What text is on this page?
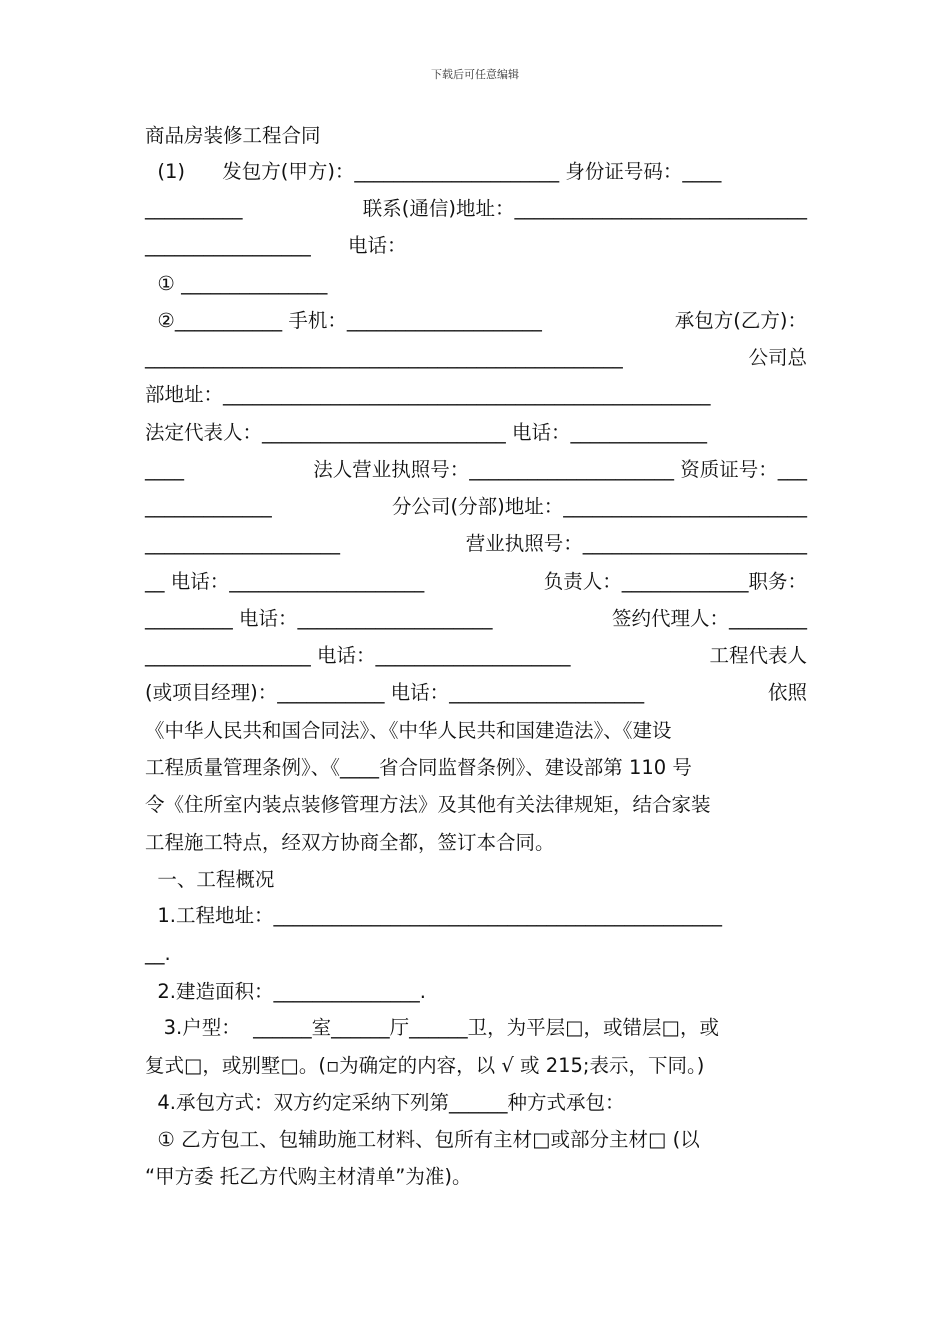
下载后可任意编辑
商品房装修工程合同
(1)      发包方(甲方)：_____________________ 身份证号码：____
__________	联系(通信)地址：______________________________
_________________      电话：
① _______________
②___________ 手机：____________________	承包方(乙方)：
_________________________________________________	公司总
部地址：__________________________________________________
法定代表人：_________________________ 电话：______________
____	法人营业执照号：_____________________ 资质证号：___
_____________	分公司(分部)地址：_________________________
____________________	营业执照号：_______________________
__ 电话：____________________	负责人：_____________职务：
_________ 电话：____________________	签约代理人：________
_________________ 电话：____________________	工程代表人
(或项目经理)：___________ 电话：____________________	依照
《中华人民共和国合同法》、《中华人民共和国建造法》、《建设
工程质量管理条例》、《____省合同监督条例》、建设部第 110 号
令《住所室内装点装修管理方法》及其他有关法律规矩，结合家装
工程施工特点，经双方协商全都，签订本合同。
一、工程概况
1.工程地址：______________________________________________
__.
2.建造面积：_______________.
3.户型：  ______室______厅______卫，为平层□，或错层□，或
复式□，或别墅□。(▫为确定的内容，以 √ 或 215;表示，下同。)
4.承包方式：双方约定采纳下列第______种方式承包：
① 乙方包工、包辅助施工材料、包所有主材□或部分主材□ (以
“甲方委 托乙方代购主材清单”为准)。
